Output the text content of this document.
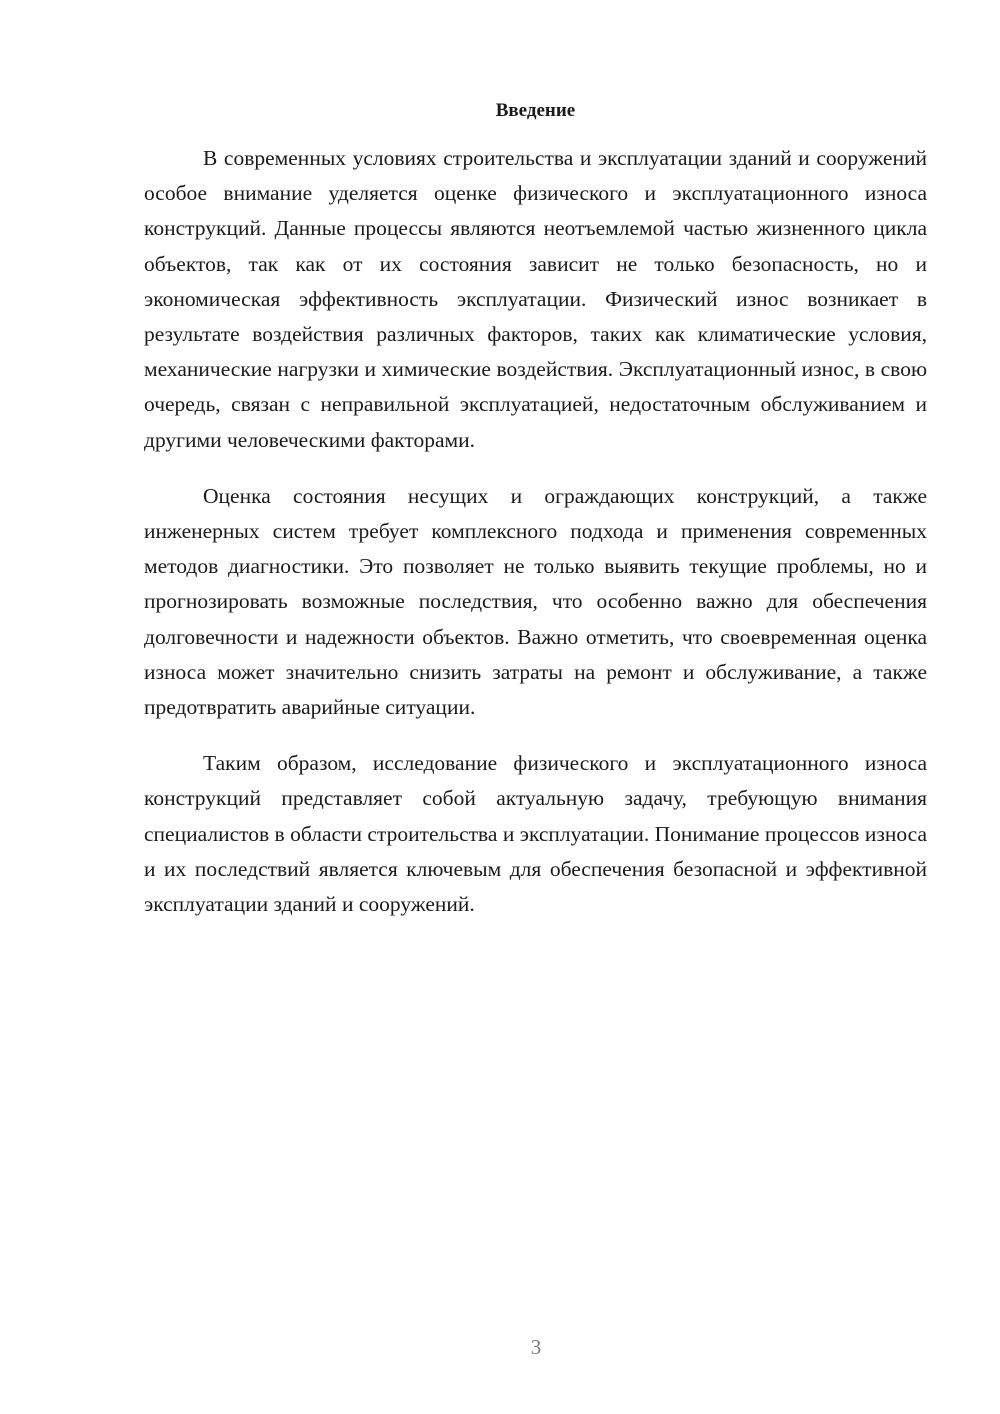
Введение

В современных условиях строительства и эксплуатации зданий и сооружений особое внимание уделяется оценке физического и эксплуатационного износа конструкций. Данные процессы являются неотъемлемой частью жизненного цикла объектов, так как от их состояния зависит не только безопасность, но и экономическая эффективность эксплуатации. Физический износ возникает в результате воздействия различных факторов, таких как климатические условия, механические нагрузки и химические воздействия. Эксплуатационный износ, в свою очередь, связан с неправильной эксплуатацией, недостаточным обслуживанием и другими человеческими факторами.

Оценка состояния несущих и ограждающих конструкций, а также инженерных систем требует комплексного подхода и применения современных методов диагностики. Это позволяет не только выявить текущие проблемы, но и прогнозировать возможные последствия, что особенно важно для обеспечения долговечности и надежности объектов. Важно отметить, что своевременная оценка износа может значительно снизить затраты на ремонт и обслуживание, а также предотвратить аварийные ситуации.

Таким образом, исследование физического и эксплуатационного износа конструкций представляет собой актуальную задачу, требующую внимания специалистов в области строительства и эксплуатации. Понимание процессов износа и их последствий является ключевым для обеспечения безопасной и эффективной эксплуатации зданий и сооружений.

3
